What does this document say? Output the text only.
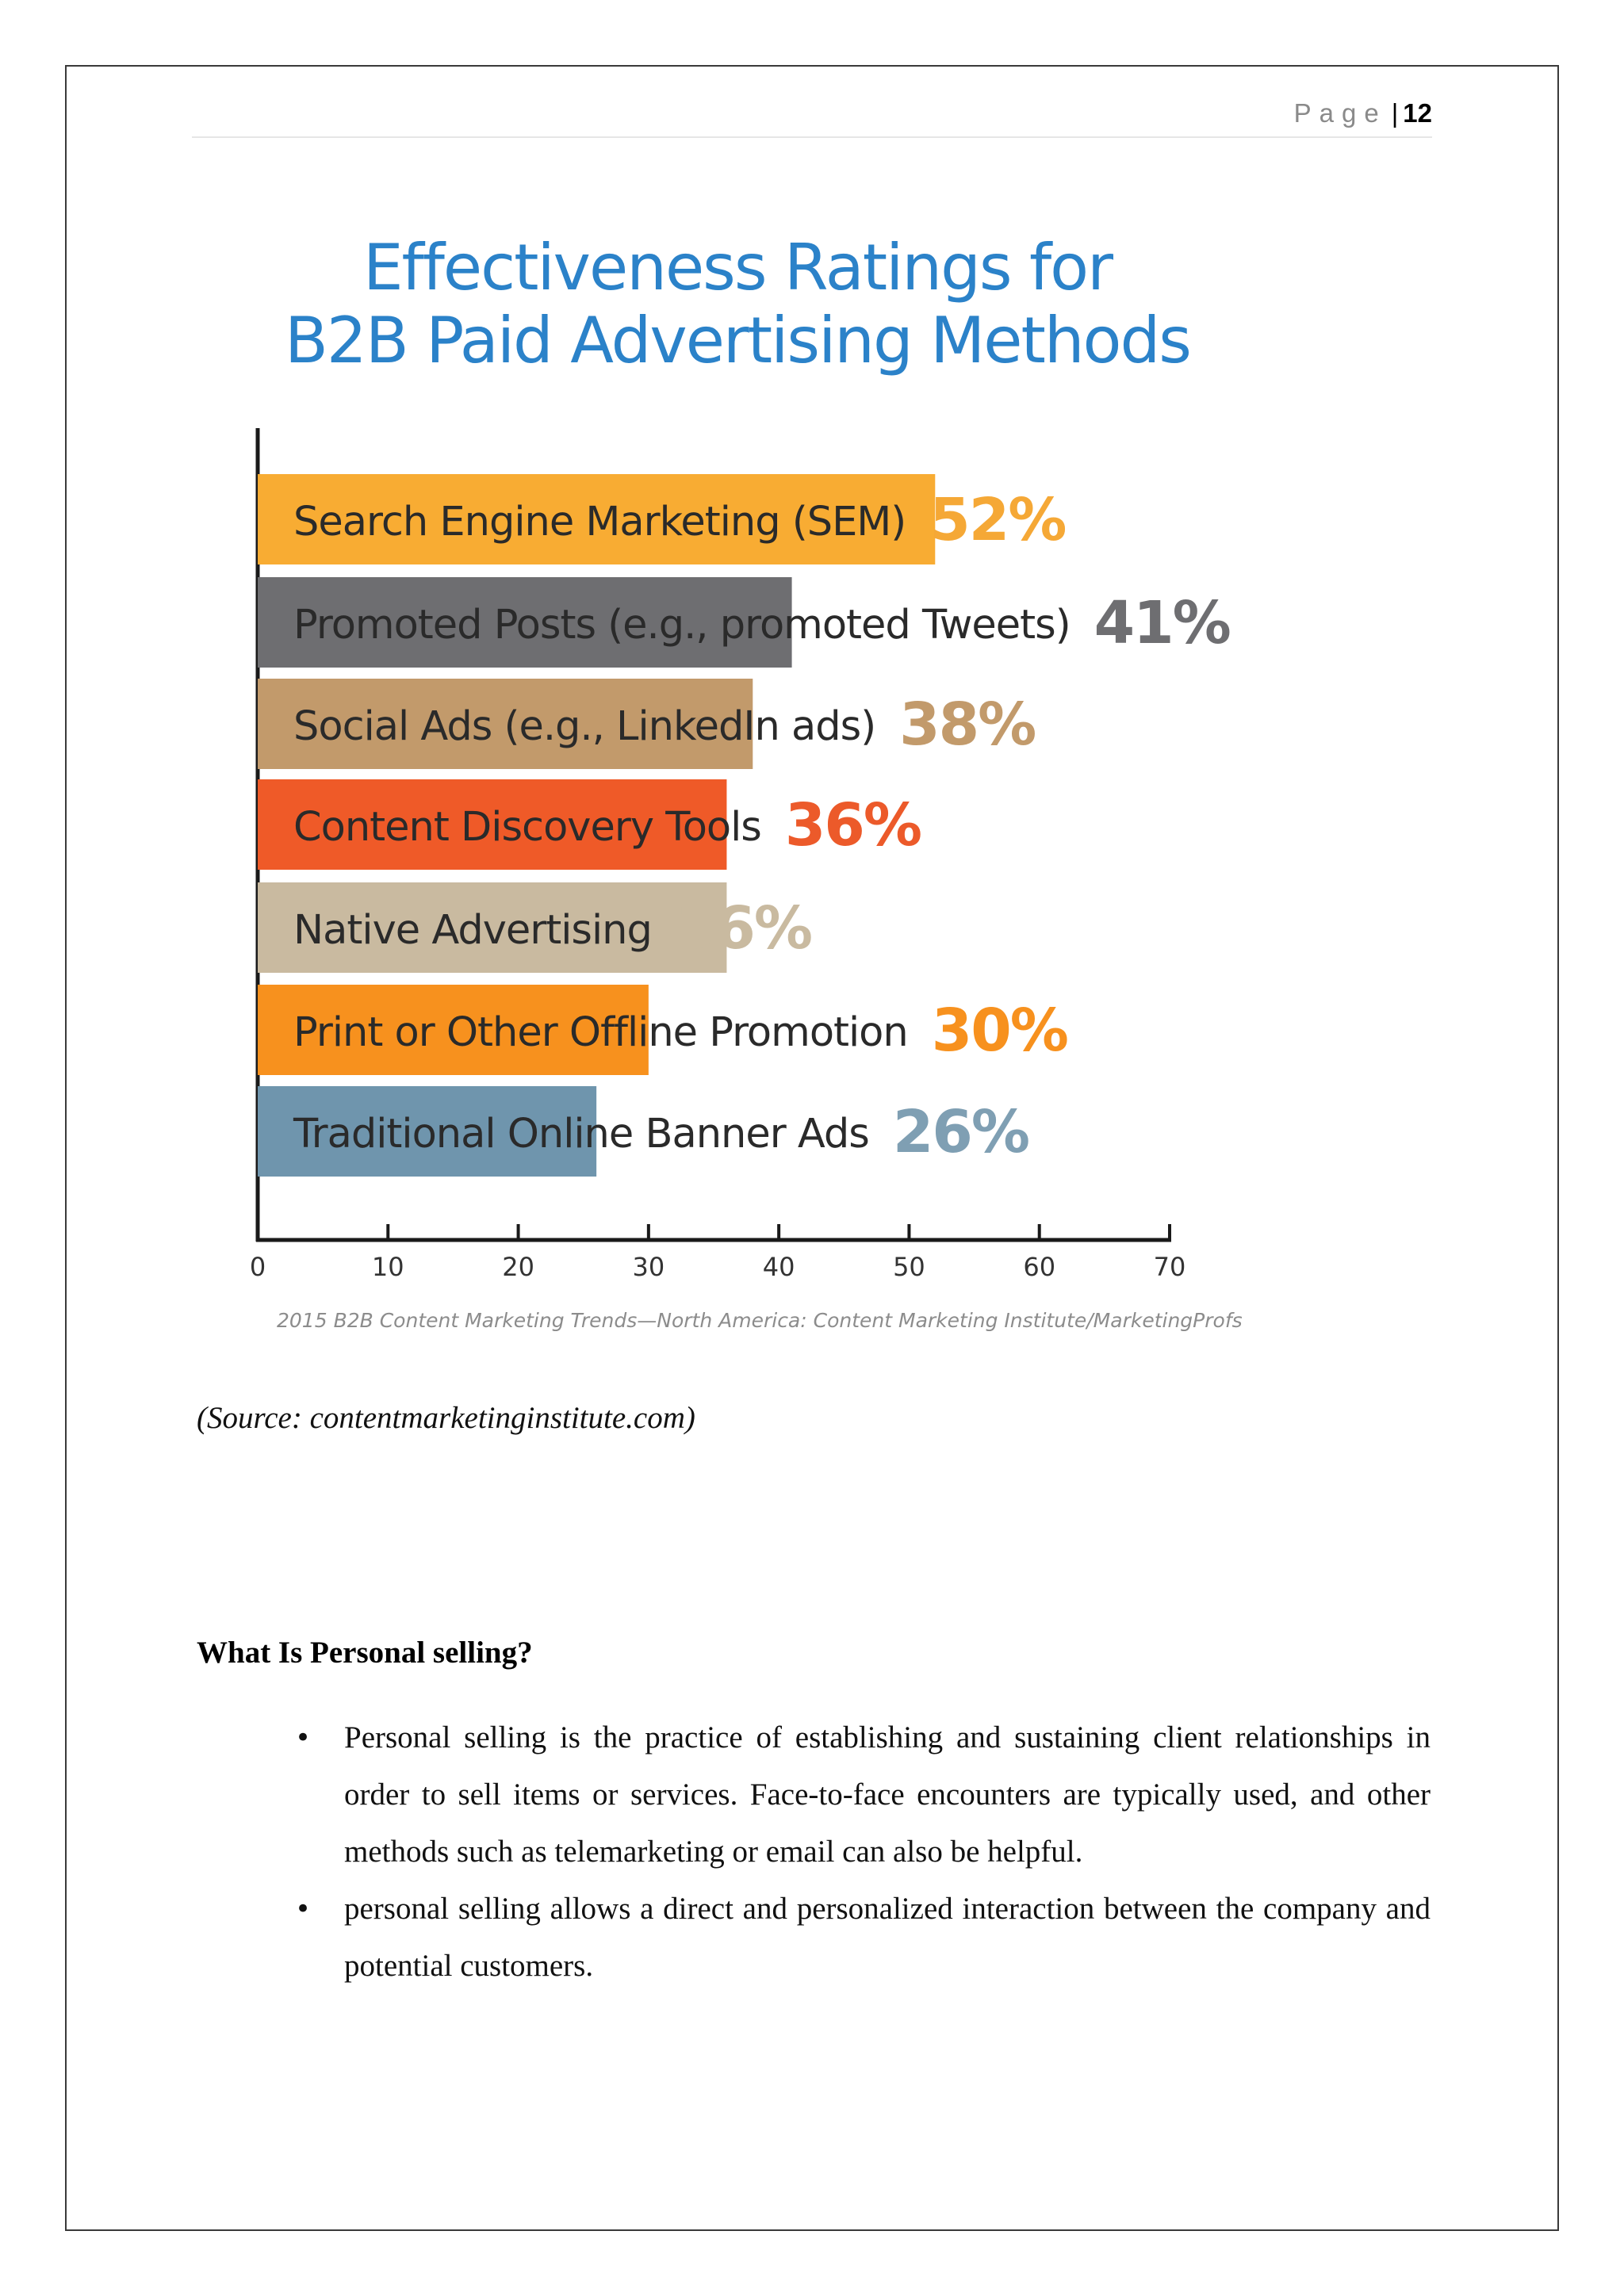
Page | 12
Effectiveness Ratings for
B2B Paid Advertising Methods
Search Engine Marketing (SEM) 52%
Promoted Posts (e.g., promoted Tweets) 41%
Social Ads (e.g., LinkedIn ads) 38%
Content Discovery Tools 36%
Native Advertising 36%
Print or Other Offline Promotion 30%
Traditional Online Banner Ads 26%
0	10	20	30	40	50	60	70
2015 B2B Content Marketing Trends—North America: Content Marketing Institute/MarketingProfs
(Source: contentmarketinginstitute.com)
What Is Personal selling?
• Personal selling is the practice of establishing and sustaining client relationships in order to sell items or services. Face-to-face encounters are typically used, and other methods such as telemarketing or email can also be helpful.
• personal selling allows a direct and personalized interaction between the company and potential customers.
